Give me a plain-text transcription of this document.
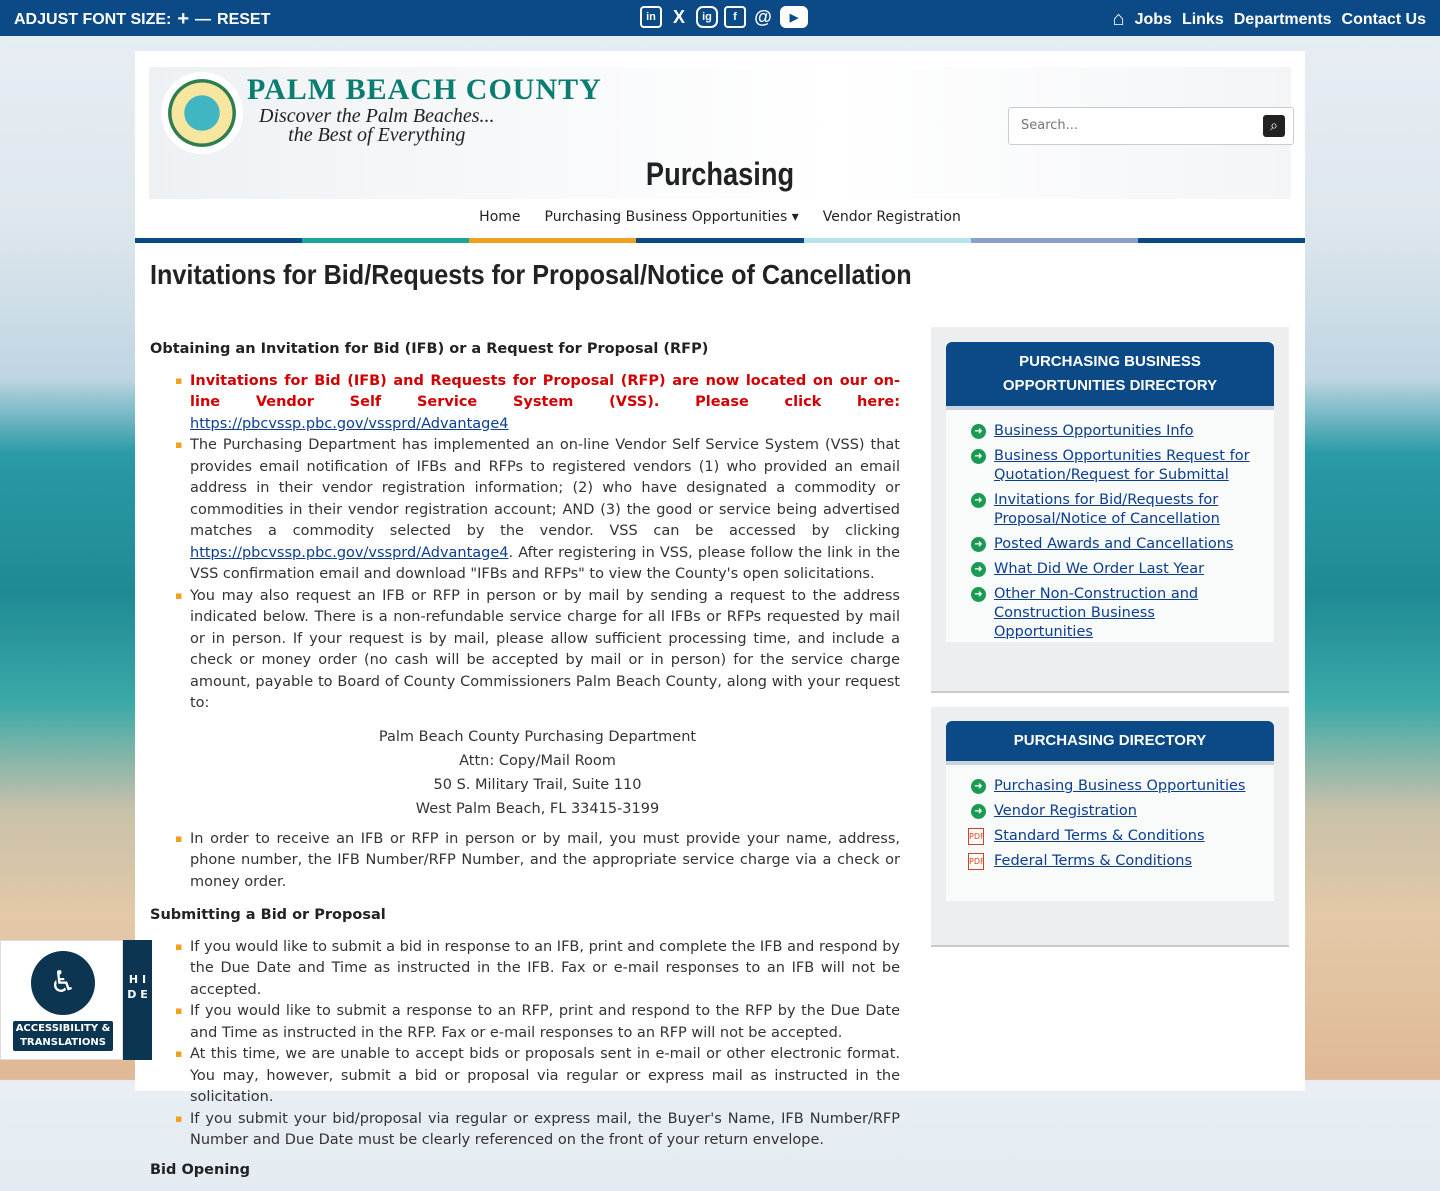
ADJUST FONT SIZE: + — RESET	in X	ig	f @	▶	⌂ Jobs Links Departments Contact Us
PALM BEACH COUNTY
Discover the Palm Beaches...
the Best of Everything
Search...	⌕
Purchasing
Home Purchasing Business Opportunities ▾ Vendor Registration
Invitations for Bid/Requests for Proposal/Notice of Cancellation
Obtaining an Invitation for Bid (IFB) or a Request for Proposal (RFP)
▪ Invitations for Bid (IFB) and Requests for Proposal (RFP) are now located on our on-line Vendor Self Service System (VSS). Please click here: https://pbcvssp.pbc.gov/vssprd/Advantage4
▪ The Purchasing Department has implemented an on-line Vendor Self Service System (VSS) that provides email notification of IFBs and RFPs to registered vendors (1) who provided an email address in their vendor registration information; (2) who have designated a commodity or commodities in their vendor registration account; AND (3) the good or service being advertised matches a commodity selected by the vendor. VSS can be accessed by clicking https://pbcvssp.pbc.gov/vssprd/Advantage4. After registering in VSS, please follow the link in the VSS confirmation email and download "IFBs and RFPs" to view the County's open solicitations.
▪ You may also request an IFB or RFP in person or by mail by sending a request to the address indicated below. There is a non-refundable service charge for all IFBs or RFPs requested by mail or in person. If your request is by mail, please allow sufficient processing time, and include a check or money order (no cash will be accepted by mail or in person) for the service charge amount, payable to Board of County Commissioners Palm Beach County, along with your request to:
Palm Beach County Purchasing Department
Attn: Copy/Mail Room
50 S. Military Trail, Suite 110
West Palm Beach, FL 33415-3199
▪ In order to receive an IFB or RFP in person or by mail, you must provide your name, address, phone number, the IFB Number/RFP Number, and the appropriate service charge via a check or money order.
Submitting a Bid or Proposal
▪ If you would like to submit a bid in response to an IFB, print and complete the IFB and respond by the Due Date and Time as instructed in the IFB. Fax or e-mail responses to an IFB will not be accepted.
▪ If you would like to submit a response to an RFP, print and respond to the RFP by the Due Date and Time as instructed in the RFP. Fax or e-mail responses to an RFP will not be accepted.
▪ At this time, we are unable to accept bids or proposals sent in e-mail or other electronic format. You may, however, submit a bid or proposal via regular or express mail as instructed in the solicitation.
▪ If you submit your bid/proposal via regular or express mail, the Buyer's Name, IFB Number/RFP Number and Due Date must be clearly referenced on the front of your return envelope.
Bid Opening
PURCHASING BUSINESS OPPORTUNITIES DIRECTORY
➜ Business Opportunities Info
➜ Business Opportunities Request for Quotation/Request for Submittal
➜ Invitations for Bid/Requests for Proposal/Notice of Cancellation
➜ Posted Awards and Cancellations
➜ What Did We Order Last Year
➜ Other Non-Construction and Construction Business Opportunities
PURCHASING DIRECTORY
➜ Purchasing Business Opportunities
➜ Vendor Registration
PDF Standard Terms & Conditions
PDF Federal Terms & Conditions
♿
ACCESSIBILITY & TRANSLATIONS
H I D E
